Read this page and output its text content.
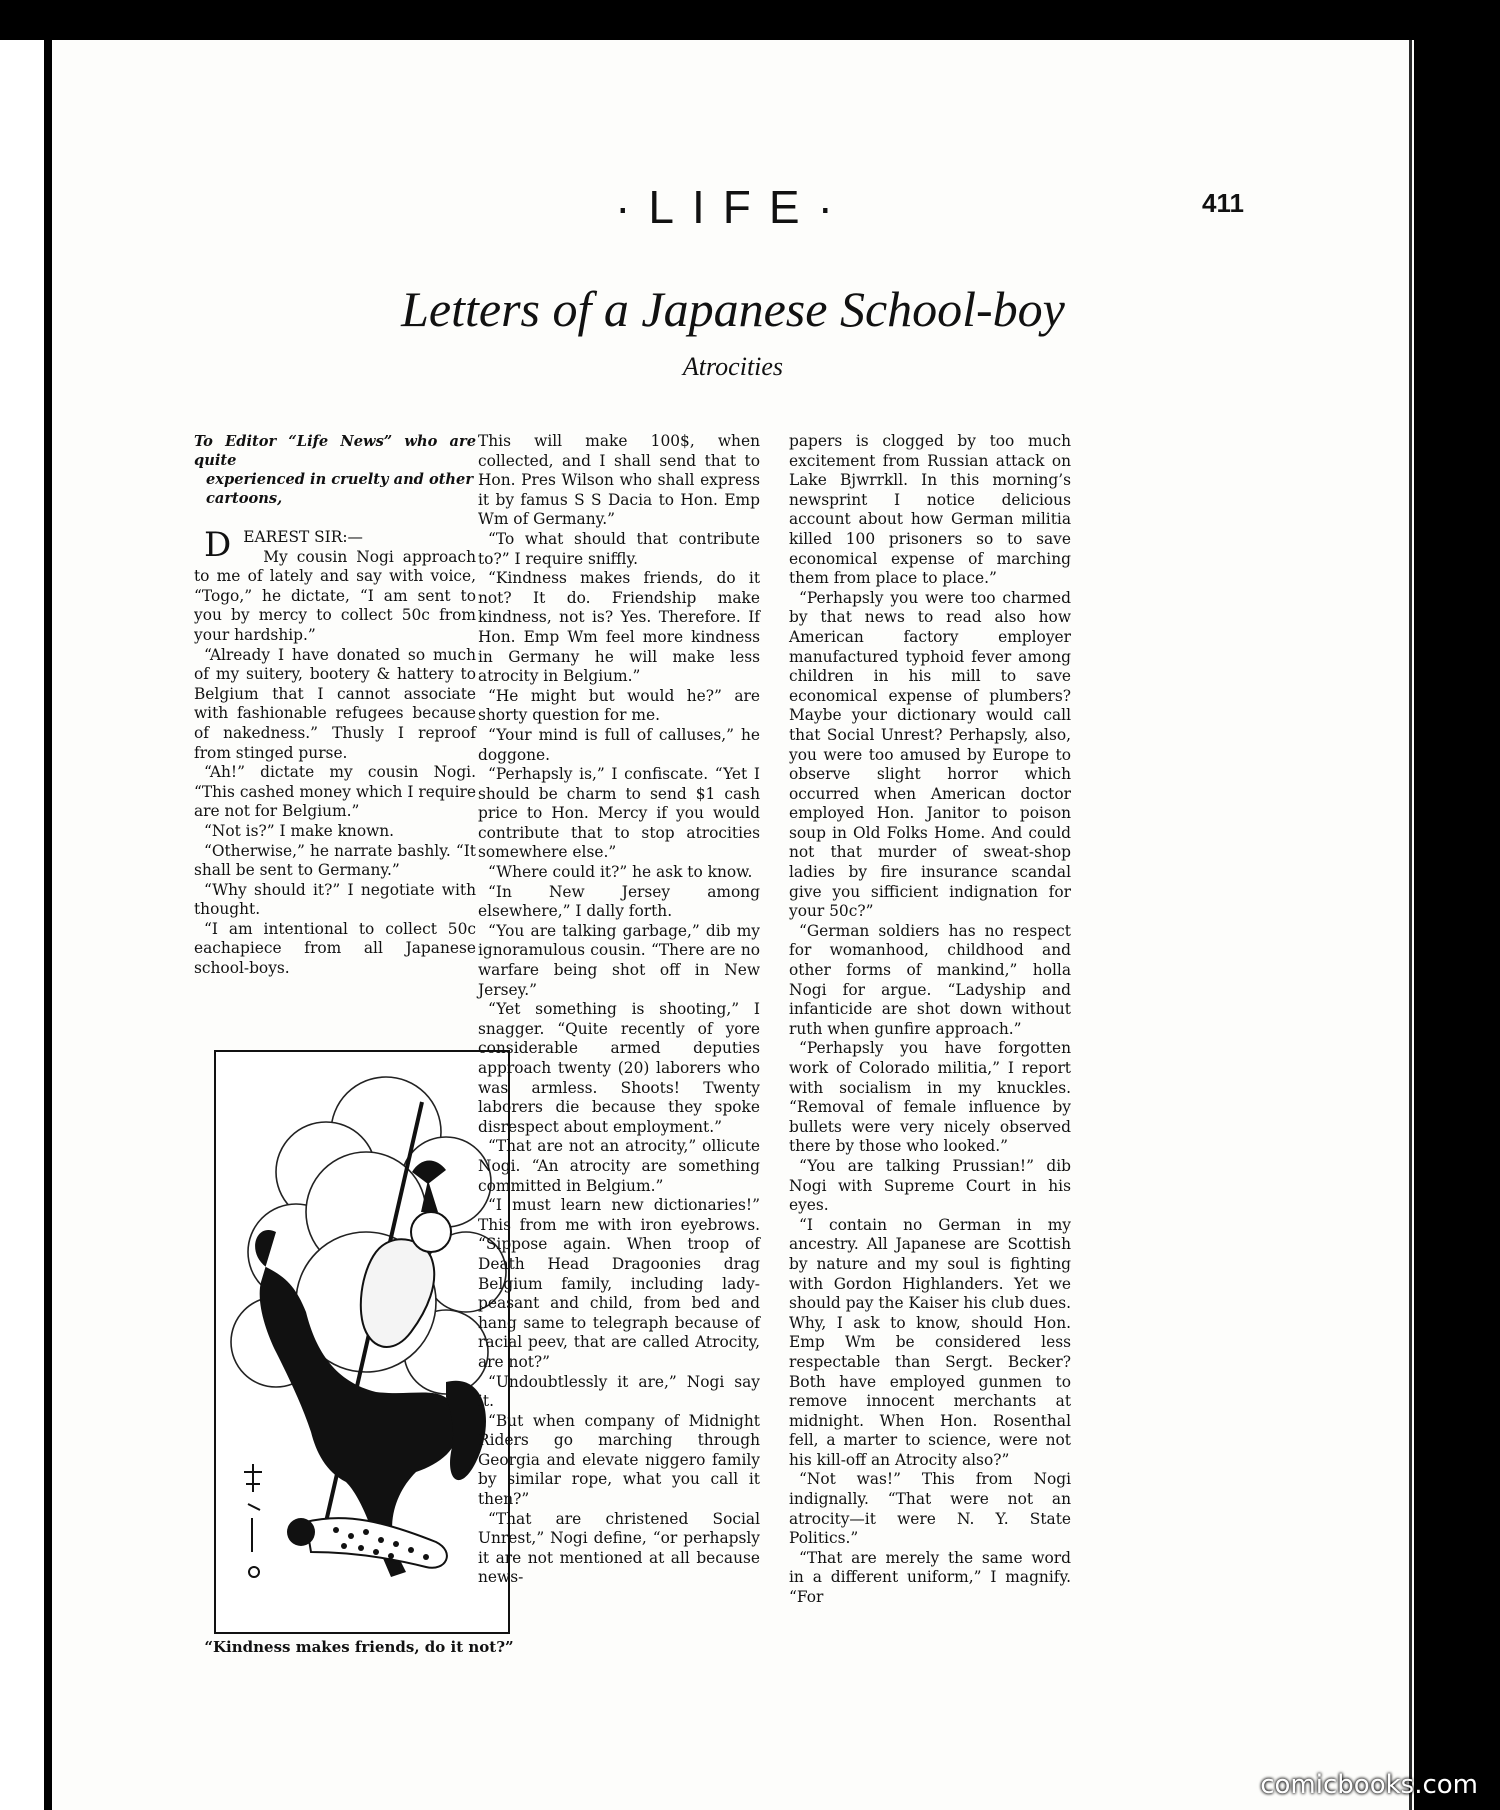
·LIFE·	411
Letters of a Japanese School-boy
Atrocities
To Editor “Life News” who are quite
experienced in cruelty and other
cartoons,

DEAREST SIR:—

My cousin Nogi approach to me of lately and say with voice, “Togo,” he dictate, “I am sent to you by mercy to collect 50c from your hardship.”

“Already I have donated so much of my suitery, bootery & hattery to Belgium that I cannot associate with fashionable refugees because of nakedness.” Thusly I reproof from stinged purse.

“Ah!” dictate my cousin Nogi. “This cashed money which I require are not for Belgium.”

“Not is?” I make known.

“Otherwise,” he narrate bashly. “It shall be sent to Germany.”

“Why should it?” I negotiate with thought.

“I am intentional to collect 50c eachapiece from all Japanese school-boys.

“Kindness makes friends, do it not?”

This will make 100$, when collected, and I shall send that to Hon. Pres Wilson who shall express it by famus S S Dacia to Hon. Emp Wm of Germany.”

“To what should that contribute to?” I require sniffly.

“Kindness makes friends, do it not? It do. Friendship make kindness, not is? Yes. Therefore. If Hon. Emp Wm feel more kindness in Germany he will make less atrocity in Belgium.”

“He might but would he?” are shorty question for me.

“Your mind is full of calluses,” he doggone.

“Perhapsly is,” I confiscate. “Yet I should be charm to send $1 cash price to Hon. Mercy if you would contribute that to stop atrocities somewhere else.”

“Where could it?” he ask to know.

“In New Jersey among elsewhere,” I dally forth.

“You are talking garbage,” dib my ignoramulous cousin. “There are no warfare being shot off in New Jersey.”

“Yet something is shooting,” I snagger. “Quite recently of yore considerable armed deputies approach twenty (20) laborers who was armless. Shoots! Twenty laborers die because they spoke disrespect about employment.”

“That are not an atrocity,” ollicute Nogi. “An atrocity are something committed in Belgium.”

“I must learn new dictionaries!” This from me with iron eyebrows. “Sippose again. When troop of Death Head Dragoonies drag Belgium family, including lady-peasant and child, from bed and hang same to telegraph because of racial peev, that are called Atrocity, are not?”

“Undoubtlessly it are,” Nogi say it.

“But when company of Midnight Riders go marching through Georgia and elevate niggero family by similar rope, what you call it then?”

“That are christened Social Unrest,” Nogi define, “or perhapsly it are not mentioned at all because news-

papers is clogged by too much excitement from Russian attack on Lake Bjwrrkll. In this morning’s newsprint I notice delicious account about how German militia killed 100 prisoners so to save economical expense of marching them from place to place.”

“Perhapsly you were too charmed by that news to read also how American factory employer manufactured typhoid fever among children in his mill to save economical expense of plumbers? Maybe your dictionary would call that Social Unrest? Perhapsly, also, you were too amused by Europe to observe slight horror which occurred when American doctor employed Hon. Janitor to poison soup in Old Folks Home. And could not that murder of sweat-shop ladies by fire insurance scandal give you sifficient indignation for your 50c?”

“German soldiers has no respect for womanhood, childhood and other forms of mankind,” holla Nogi for argue. “Ladyship and infanticide are shot down without ruth when gunfire approach.”

“Perhapsly you have forgotten work of Colorado militia,” I report with socialism in my knuckles. “Removal of female influence by bullets were very nicely observed there by those who looked.”

“You are talking Prussian!” dib Nogi with Supreme Court in his eyes.

“I contain no German in my ancestry. All Japanese are Scottish by nature and my soul is fighting with Gordon Highlanders. Yet we should pay the Kaiser his club dues. Why, I ask to know, should Hon. Emp Wm be considered less respectable than Sergt. Becker? Both have employed gunmen to remove innocent merchants at midnight. When Hon. Rosenthal fell, a marter to science, were not his kill-off an Atrocity also?”

“Not was!” This from Nogi indignally. “That were not an atrocity—it were N. Y. State Politics.”

“That are merely the same word in a different uniform,” I magnify. “For

comicbooks.com
